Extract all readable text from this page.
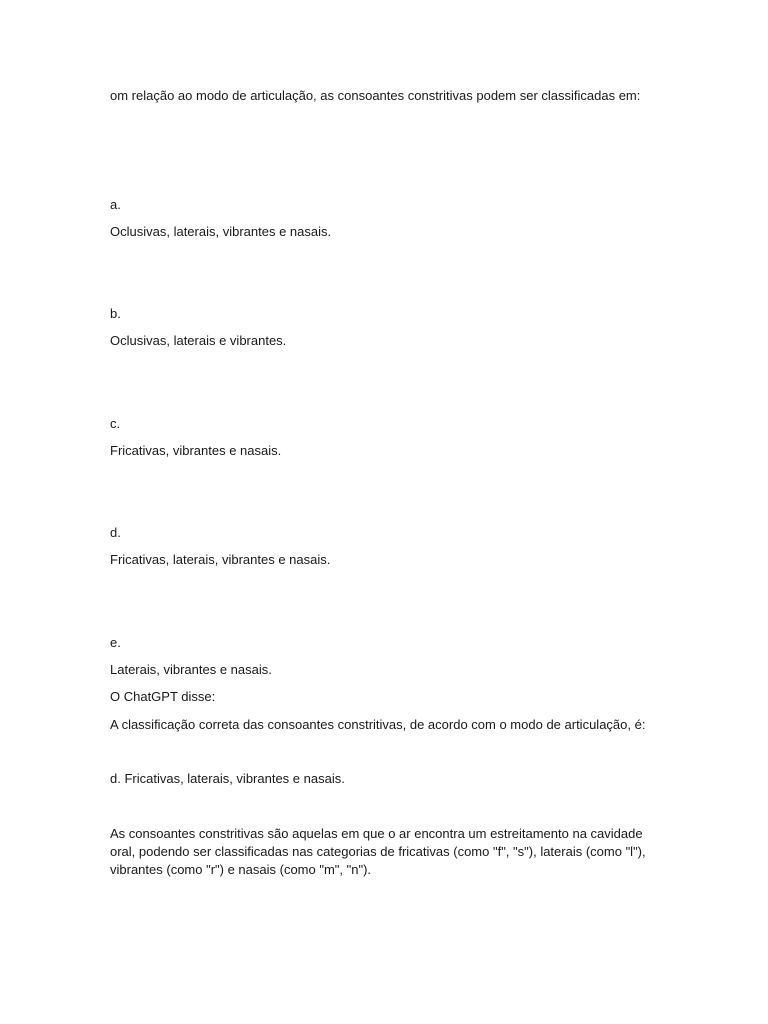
om relação ao modo de articulação, as consoantes constritivas podem ser classificadas em:
a.
Oclusivas, laterais, vibrantes e nasais.
b.
Oclusivas, laterais e vibrantes.
c.
Fricativas, vibrantes e nasais.
d.
Fricativas, laterais, vibrantes e nasais.
e.
Laterais, vibrantes e nasais.
O ChatGPT disse:
A classificação correta das consoantes constritivas, de acordo com o modo de articulação, é:
d. Fricativas, laterais, vibrantes e nasais.
As consoantes constritivas são aquelas em que o ar encontra um estreitamento na cavidade
oral, podendo ser classificadas nas categorias de fricativas (como "f", "s"), laterais (como "l"),
vibrantes (como "r") e nasais (como "m", "n").
